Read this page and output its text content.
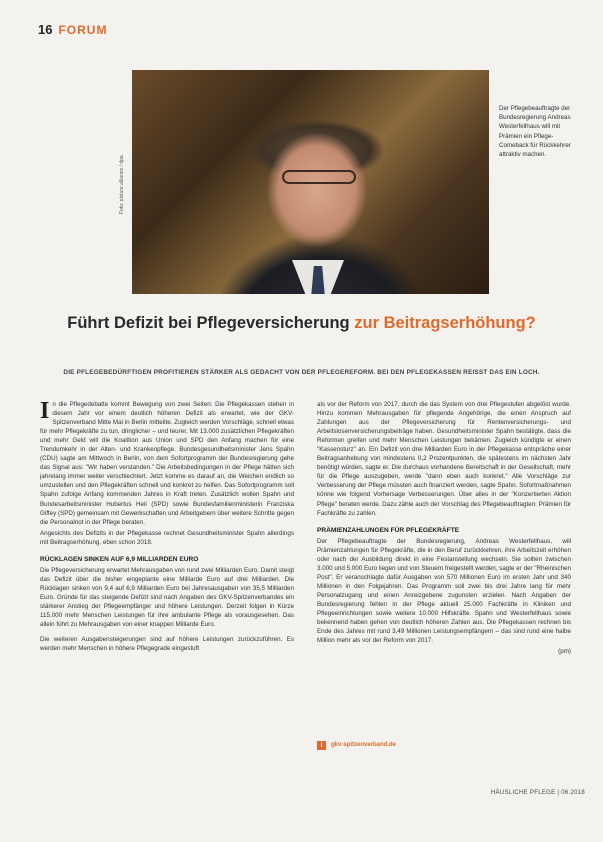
16 FORUM
Foto: picture alliance / dpa
Der Pflegebeauftragte der Bundesregierung Andreas Westerfellhaus will mit Prämien ein Pflege-Comeback für Rückkehrer attraktiv machen.
Führt Defizit bei Pflegeversicherung zur Beitragserhöhung?
DIE PFLEGEBEDÜRFTIGEN PROFITIEREN STÄRKER ALS GEDACHT VON DER PFLEGEREFORM. BEI DEN PFLEGEKASSEN REISST DAS EIN LOCH.

In die Pflegedebatte kommt Bewegung von zwei Seiten: Die Pflegekassen stehen in diesem Jahr vor einem deutlich höheren Defizit als erwartet, wie der GKV-Spitzenverband Mitte Mai in Berlin mitteilte. Zugleich werden Vorschläge, schnell etwas für mehr Pflegekräfte zu tun, dringlicher – und teurer. Mit 13.000 zusätzlichen Pflegekräften und mehr Geld will die Koalition aus Union und SPD den Anfang machen für eine Trendumkehr in der Alten- und Krankenpflege. Bundesgesundheitsminister Jens Spahn (CDU) sagte am Mittwoch in Berlin, von dem Sofortprogramm der Bundesregierung gehe das Signal aus: "Wir haben verstanden." Die Arbeitsbedingungen in der Pflege hätten sich jahrelang immer weiter verschlechtert. Jetzt komme es darauf an, die Weichen endlich so umzustellen und den Pflegekräften schnell und konkret zu helfen. Das Sofortprogramm soll Spahn zufolge Anfang kommenden Jahres in Kraft treten. Zusätzlich wollen Spahn und Bundesarbeitsminister Hubertus Heil (SPD) sowie Bundesfamilienministerin Franziska Giffey (SPD) gemeinsam mit Gewerkschaften und Arbeitgebern über weitere Schritte gegen die Personalnot in der Pflege beraten.

Angesichts des Defizits in der Pflegekasse rechnet Gesundheitsminister Spahn allerdings mit Beitragserhöhung, eben schon 2018.

RÜCKLAGEN SINKEN AUF 6,9 MILLIARDEN EURO

Die Pflegeversicherung erwartet Mehrausgaben von rund zwei Milliarden Euro. Damit steigt das Defizit über die bisher eingeplante eine Milliarde Euro auf drei Milliarden. Die Rücklagen sinken von 9,4 auf 6,9 Milliarden Euro bei Jahresausgaben von 35,5 Milliarden Euro. Gründe für das steigende Defizit sind nach Angaben des GKV-Spitzenverbandes ein stärkerer Anstieg der Pflegeempfänger und höhere Leistungen. Derzeit folgen in Kürze 115.000 mehr Menschen Leistungen für ihre ambulante Pflege als vorausgesehen. Das allein führt zu Mehrausgaben von einer knappen Milliarde Euro.

Die weiteren Ausgabensteigerungen sind auf höhere Leistungen zurückzuführen. Es werden mehr Menschen in höhere Pflegegrade eingestuft

als vor der Reform von 2017, durch die das System von drei Pflegestufen abgelöst wurde. Hinzu kommen Mehrausgaben für pflegende Angehörige, die einen Anspruch auf Zahlungen aus der Pflegeversicherung für Rentenversicherungs- und Arbeitslosenversicherungsbeiträge haben. Gesundheitsminister Spahn bestätigte, dass die Reformen greifen und mehr Menschen Leistungen bekämen. Zugleich kündigte er einen "Kassensturz" an. Ein Defizit von drei Milliarden Euro in der Pflegekasse entspräche einer Beitragsanhebung von mindestens 0,2 Prozentpunkten, die spätestens im nächsten Jahr benötigt würden, sagte er. Die durchaus vorhandene Bereitschaft in der Gesellschaft, mehr für die Pflege auszugeben, werde "dann eben auch konkret." Alle Vorschläge zur Verbesserung der Pflege müssten auch finanziert werden, sagte Spahn. Sofortmaßnahmen könne wie folgend Vorhersage Verbesserungen. Über alles in der "Konzertierten Aktion Pflege" beraten werde. Dazu zähle auch der Vorschlag des Pflegebeauftragten: Prämien für Fachkräfte zu zahlen.

PRÄMIENZAHLUNGEN FÜR PFLEGEKRÄFTE

Der Pflegebeauftragte der Bundesregierung, Andreas Westerfellhaus, will Prämienzahlungen für Pflegekräfte, die in den Beruf zurückkehren, ihre Arbeitszeit erhöhen oder nach der Ausbildung direkt in eine Festanstellung wechseln. Sie sollten zwischen 3.000 und 5.000 Euro liegen und von Steuern freigestellt werden, sagte er der "Rheinischen Post". Er veranschlagte dafür Ausgaben von 570 Millionen Euro im ersten Jahr und 340 Millionen in den Folgejahren. Das Programm soll zwei bis drei Jahre lang für mehr Personalzugang und einen Anreizgebene zugunsten erzielen. Nach Angaben der Bundesregierung fehlen in der Pflege aktuell 25.000 Fachkräfte in Kliniken und Pflegeeinrichtungen sowie weitere 10.000 Hilfskräfte. Spahn und Westerfellhaus sowie bekennend haben gehen von deutlich höheren Zahlen aus. Die Pflegekassen rechnen bis Ende des Jahres mit rund 3,49 Millionen Leistungsempfängern – das sind rund eine halbe Million mehr als vor der Reform von 2017.

(pm)

i	gkv-spitzenverband.de
HÄUSLICHE PFLEGE | 06.2018
